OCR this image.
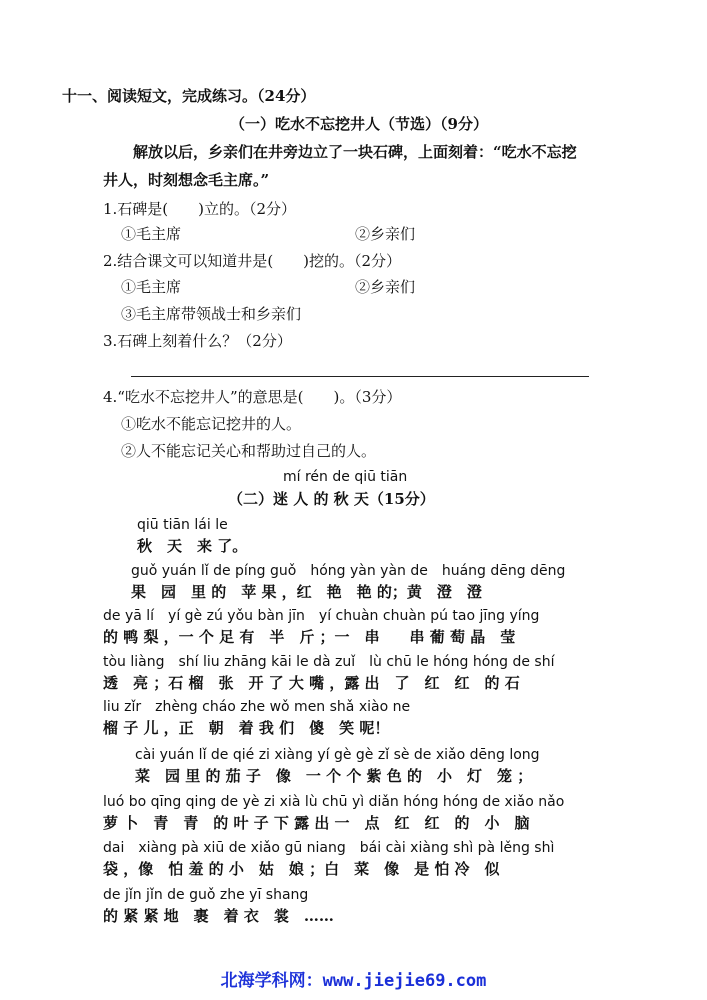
十一、阅读短文，完成练习。（24分）
（一）吃水不忘挖井人（节选）（9分）
解放以后，乡亲们在井旁边立了一块石碑，上面刻着：“吃水不忘挖
井人，时刻想念毛主席。”
1.石碑是(　　)立的。（2分）
①毛主席	②乡亲们
2.结合课文可以知道井是(　　)挖的。（2分）
①毛主席	②乡亲们
③毛主席带领战士和乡亲们
3.石碑上刻着什么？（2分）
4.“吃水不忘挖井人”的意思是(　　)。（3分）
①吃水不能忘记挖井的人。
②人不能忘记关心和帮助过自己的人。
mí rén de qiū tiān
（二）迷 人 的 秋 天（15分）
qiū tiān lái le
秋　天　来 了。
guǒ yuán lǐ de píng guǒ　hóng yàn yàn de　huáng dēng dēng
果　园　里 的　苹 果 ，红　艳　艳 的；黄　澄　澄
de yā lí　yí gè zú yǒu bàn jīn　yí chuàn chuàn pú tao jīng yíng
的 鸭 梨 ，一 个 足 有　半　斤 ；一　串　　串 葡 萄 晶　莹
tòu liàng　shí liu zhāng kāi le dà zuǐ　lù chū le hóng hóng de shí
透　亮 ；石 榴　张　开 了 大 嘴 ，露 出　了　红　红　的 石
liu zǐr　zhèng cháo zhe wǒ men shǎ xiào ne
榴 子 儿 ，正　朝　着 我 们　傻　笑 呢！
cài yuán lǐ de qié zi xiàng yí gè gè zǐ sè de xiǎo dēng long
菜　园 里 的 茄 子　像　一 个 个 紫 色 的　小　灯　笼 ；
luó bo qīng qing de yè zi xià lù chū yì diǎn hóng hóng de xiǎo nǎo
萝 卜　青　青　的 叶 子 下 露 出 一　点　红　红　的　小　脑
dai　xiàng pà xiū de xiǎo gū niang　bái cài xiàng shì pà lěng shì
袋 ，像　怕 羞 的 小　姑　娘 ；白　菜　像　是 怕 冷　似
de jǐn jǐn de guǒ zhe yī shang
的 紧 紧 地　裹　着 衣　裳　……
北海学科网：www.jiejie69.com
